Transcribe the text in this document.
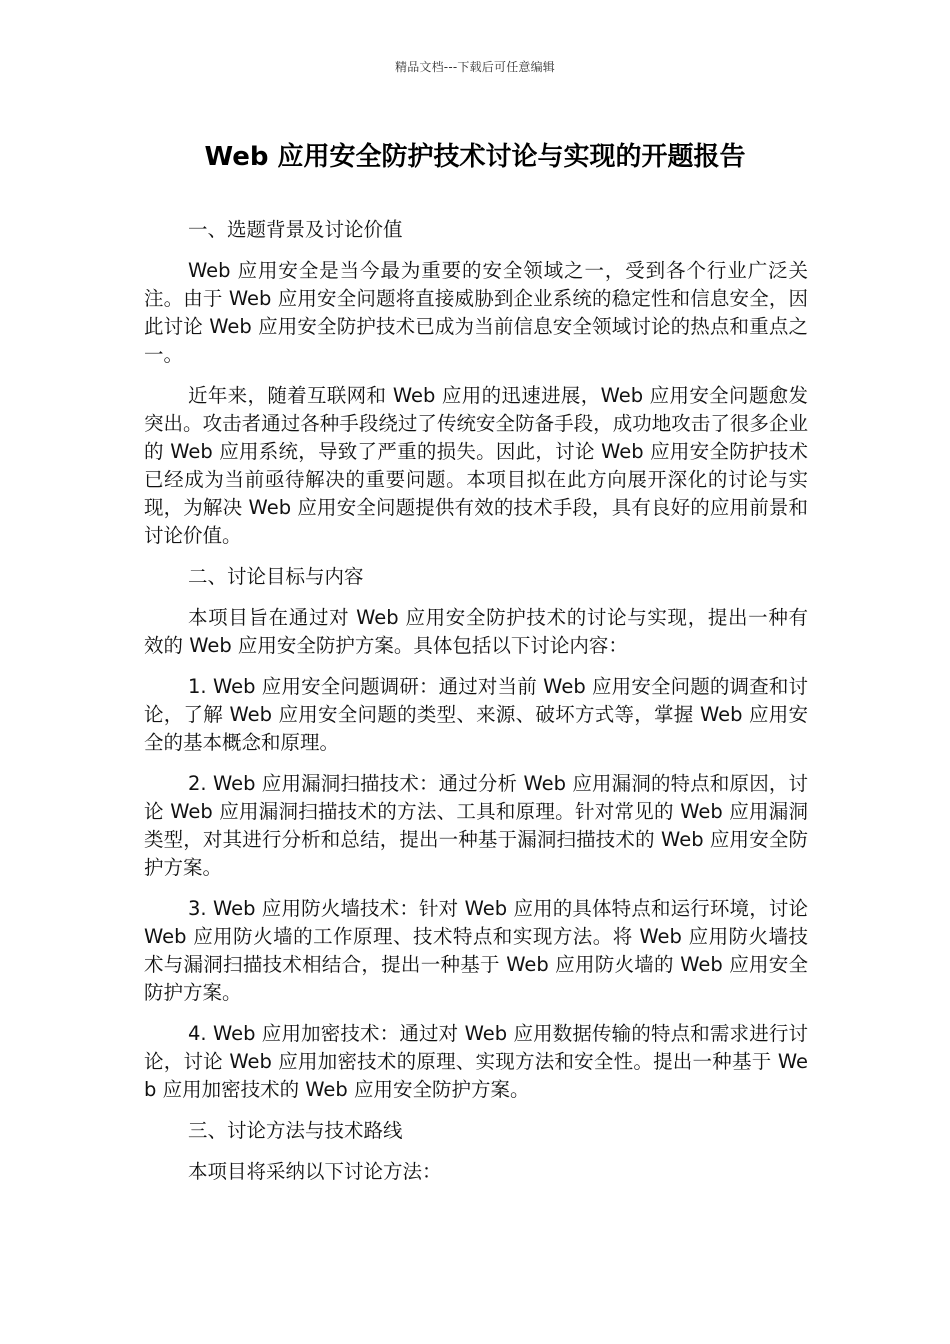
精品文档---下载后可任意编辑
Web 应用安全防护技术讨论与实现的开题报告

一、选题背景及讨论价值

Web 应用安全是当今最为重要的安全领域之一，受到各个行业广泛关注。由于 Web 应用安全问题将直接威胁到企业系统的稳定性和信息安全，因此讨论 Web 应用安全防护技术已成为当前信息安全领域讨论的热点和重点之一。

近年来，随着互联网和 Web 应用的迅速进展，Web 应用安全问题愈发突出。攻击者通过各种手段绕过了传统安全防备手段，成功地攻击了很多企业的 Web 应用系统，导致了严重的损失。因此，讨论 Web 应用安全防护技术已经成为当前亟待解决的重要问题。本项目拟在此方向展开深化的讨论与实现，为解决 Web 应用安全问题提供有效的技术手段，具有良好的应用前景和讨论价值。

二、讨论目标与内容

本项目旨在通过对 Web 应用安全防护技术的讨论与实现，提出一种有效的 Web 应用安全防护方案。具体包括以下讨论内容：

1. Web 应用安全问题调研：通过对当前 Web 应用安全问题的调查和讨论，了解 Web 应用安全问题的类型、来源、破坏方式等，掌握 Web 应用安全的基本概念和原理。

2. Web 应用漏洞扫描技术：通过分析 Web 应用漏洞的特点和原因，讨论 Web 应用漏洞扫描技术的方法、工具和原理。针对常见的 Web 应用漏洞类型，对其进行分析和总结，提出一种基于漏洞扫描技术的 Web 应用安全防护方案。

3. Web 应用防火墙技术：针对 Web 应用的具体特点和运行环境，讨论 Web 应用防火墙的工作原理、技术特点和实现方法。将 Web 应用防火墙技术与漏洞扫描技术相结合，提出一种基于 Web 应用防火墙的 Web 应用安全防护方案。

4. Web 应用加密技术：通过对 Web 应用数据传输的特点和需求进行讨论，讨论 Web 应用加密技术的原理、实现方法和安全性。提出一种基于 Web 应用加密技术的 Web 应用安全防护方案。

三、讨论方法与技术路线

本项目将采纳以下讨论方法：
